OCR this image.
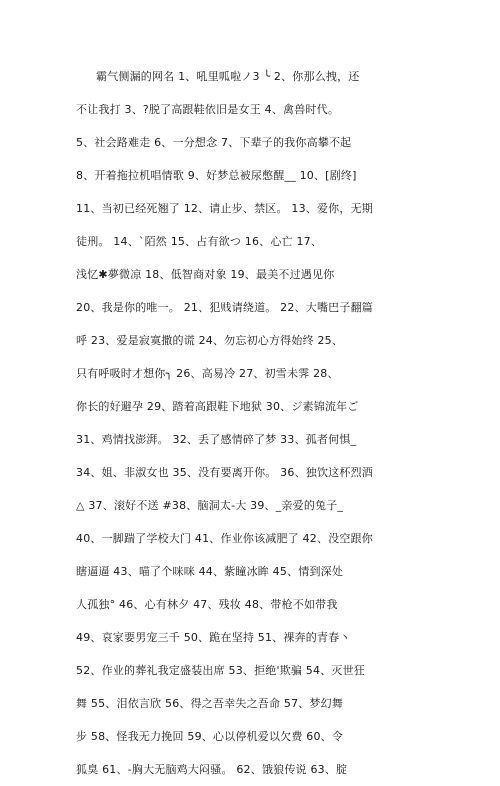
霸气侧漏的网名 1、吼里呱啦ノ3 ╰ 2、你那么拽，还
不让我打 3、?脱了高跟鞋依旧是女王 4、禽兽时代。
5、社会路难走 6、一分想念 7、下辈子的我你高攀不起
8、开着拖拉机唱情歌 9、好梦总被尿憋醒__ 10、[剧终]
11、当初已经死翘了 12、请止步、禁区。 13、爱你，无期
徒刑。 14、`陌然 15、占有欲つ 16、心亡 17、
浅忆✱夢微凉 18、低智商对象 19、最美不过遇见你
20、我是你的唯一。 21、犯贱请绕道。 22、大嘴巴子翻篇
呼 23、爱是寂寞撒的谎 24、勿忘初心方得始终 25、
只有呼吸时才想你╮ 26、高易冷 27、初雪未霁 28、
你长的好避孕 29、踏着高跟鞋下地狱 30、ジ素锦流年ご
31、鸡情找澎湃。 32、丢了感情碎了梦 33、孤者何惧_
34、姐、非淑女也 35、没有要离开你。 36、独饮这杯烈酒
△ 37、滚好不送 #38、脑洞太-大 39、_亲爱的兔子_
40、一脚踹了学校大门 41、作业你该减肥了 42、没空跟你
瞎逼逼 43、喵了个咪咪 44、紫瞳冰眸 45、情到深处
人孤独° 46、心有林夕 47、残妆 48、带枪不如带我
49、哀家要男宠三千 50、跪在坚持 51、裸奔的青春丶
52、作业的葬礼我定盛装出席 53、拒绝'欺骗 54、灭世狂
舞 55、泪依言欣 56、得之吾幸失之吾命 57、梦幻舞
步 58、怪我无力挽回 59、心以停机爱以欠费 60、令
狐臭 61、-胸大无脑鸡大闷骚。 62、饿狼传说 63、腚
